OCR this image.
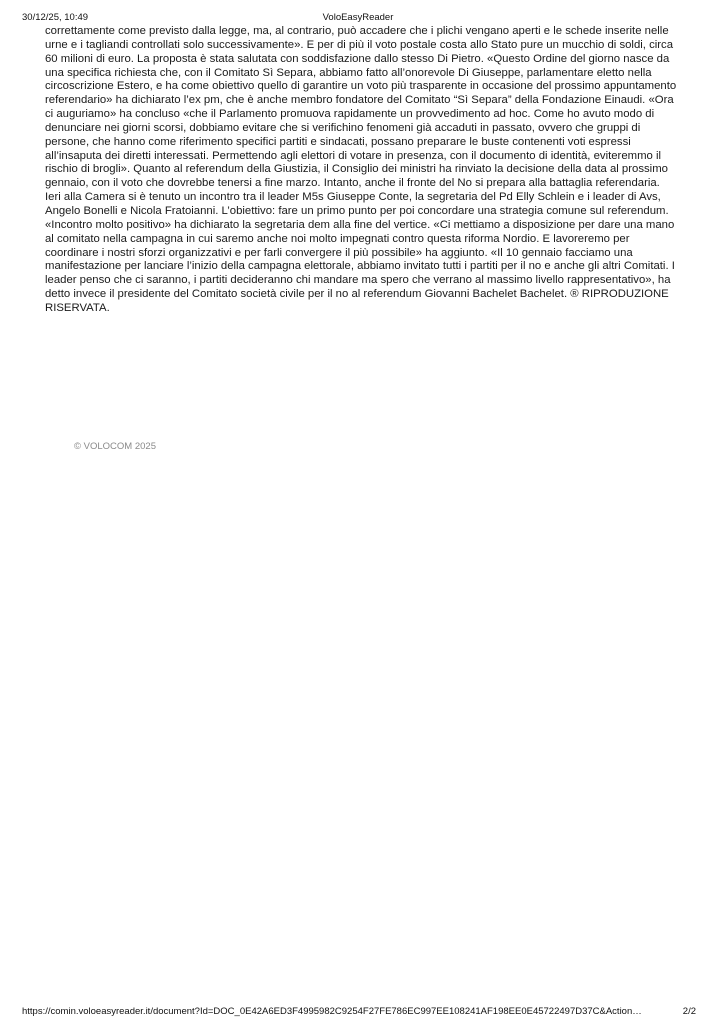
30/12/25, 10:49	VoloEasyReader

correttamente come previsto dalla legge, ma, al contrario, può accadere che i plichi vengano aperti e le schede inserite nelle urne e i tagliandi controllati solo successivamente». E per di più il voto postale costa allo Stato pure un mucchio di soldi, circa 60 milioni di euro. La proposta è stata salutata con soddisfazione dallo stesso Di Pietro. «Questo Ordine del giorno nasce da una specifica richiesta che, con il Comitato Sì Separa, abbiamo fatto all’onorevole Di Giuseppe, parlamentare eletto nella circoscrizione Estero, e ha come obiettivo quello di garantire un voto più trasparente in occasione del prossimo appuntamento referendario» ha dichiarato l’ex pm, che è anche membro fondatore del Comitato “Sì Separa” della Fondazione Einaudi. «Ora ci auguriamo» ha concluso «che il Parlamento promuova rapidamente un provvedimento ad hoc. Come ho avuto modo di denunciare nei giorni scorsi, dobbiamo evitare che si verifichino fenomeni già accaduti in passato, ovvero che gruppi di persone, che hanno come riferimento specifici partiti e sindacati, possano preparare le buste contenenti voti espressi all’insaputa dei diretti interessati. Permettendo agli elettori di votare in presenza, con il documento di identità, eviteremmo il rischio di brogli». Quanto al referendum della Giustizia, il Consiglio dei ministri ha rinviato la decisione della data al prossimo gennaio, con il voto che dovrebbe tenersi a fine marzo. Intanto, anche il fronte del No si prepara alla battaglia referendaria. Ieri alla Camera si è tenuto un incontro tra il leader M5s Giuseppe Conte, la segretaria del Pd Elly Schlein e i leader di Avs, Angelo Bonelli e Nicola Fratoianni. L’obiettivo: fare un primo punto per poi concordare una strategia comune sul referendum. «Incontro molto positivo» ha dichiarato la segretaria dem alla fine del vertice. «Ci mettiamo a disposizione per dare una mano al comitato nella campagna in cui saremo anche noi molto impegnati contro questa riforma Nordio. E lavoreremo per coordinare i nostri sforzi organizzativi e per farli convergere il più possibile» ha aggiunto. «Il 10 gennaio facciamo una manifestazione per lanciare l’inizio della campagna elettorale, abbiamo invitato tutti i partiti per il no e anche gli altri Comitati. I leader penso che ci saranno, i partiti decideranno chi mandare ma spero che verrano al massimo livello rappresentativo», ha detto invece il presidente del Comitato società civile per il no al referendum Giovanni Bachelet Bachelet. ® RIPRODUZIONE RISERVATA.

© VOLOCOM 2025

https://comin.voloeasyreader.it/document?Id=DOC_0E42A6ED3F4995982C9254F27FE786EC997EE108241AF198EE0E45722497D37C&Action…	2/2
